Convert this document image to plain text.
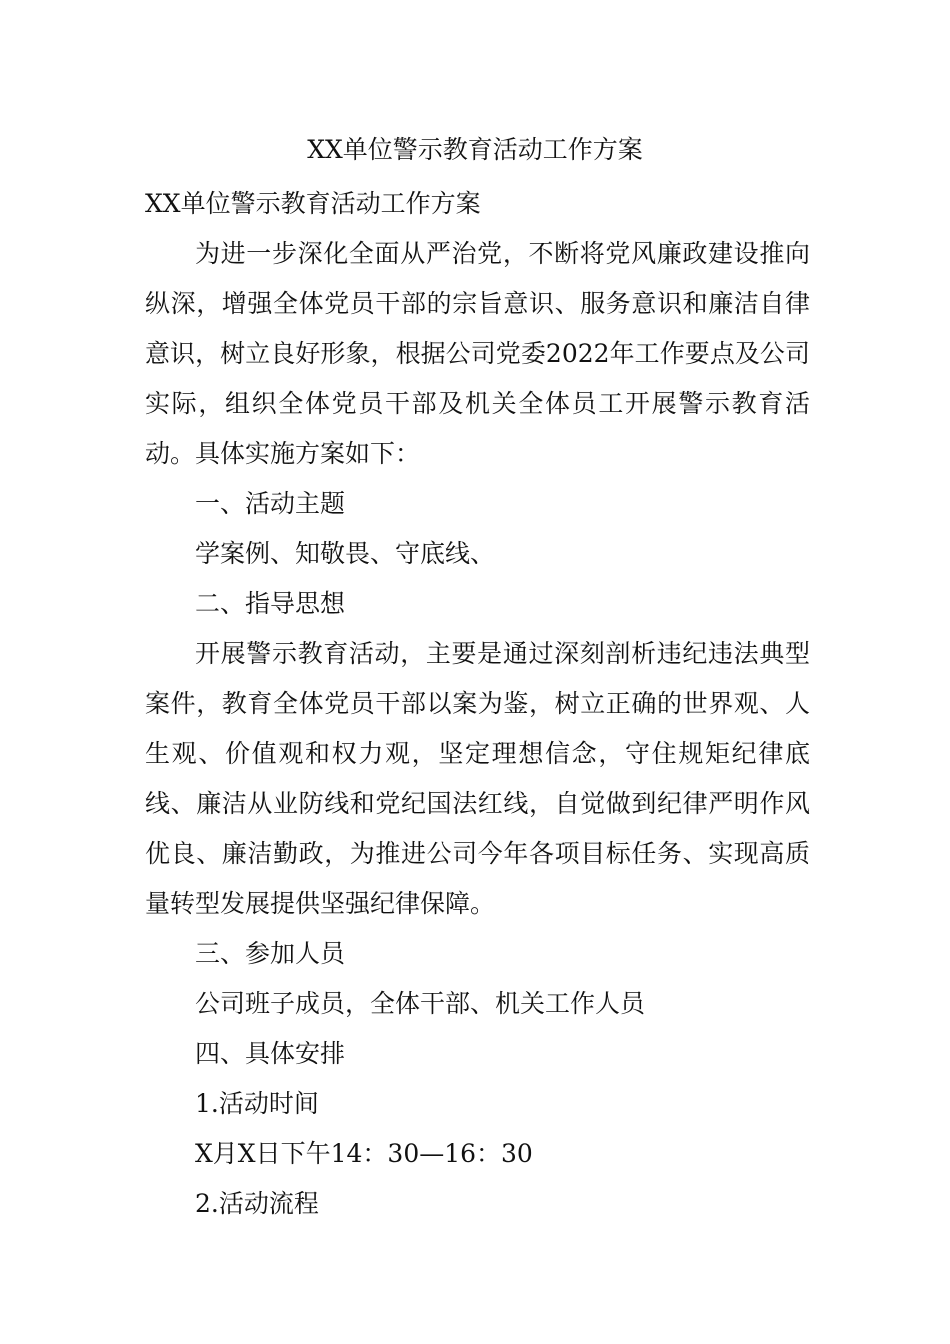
XX单位警示教育活动工作方案

XX单位警示教育活动工作方案

为进一步深化全面从严治党，不断将党风廉政建设推向纵深，增强全体党员干部的宗旨意识、服务意识和廉洁自律意识，树立良好形象，根据公司党委2022年工作要点及公司实际，组织全体党员干部及机关全体员工开展警示教育活动。具体实施方案如下：

一、活动主题

学案例、知敬畏、守底线、

二、指导思想

开展警示教育活动，主要是通过深刻剖析违纪违法典型案件，教育全体党员干部以案为鉴，树立正确的世界观、人生观、价值观和权力观，坚定理想信念，守住规矩纪律底线、廉洁从业防线和党纪国法红线，自觉做到纪律严明作风优良、廉洁勤政，为推进公司今年各项目标任务、实现高质量转型发展提供坚强纪律保障。

三、参加人员

公司班子成员，全体干部、机关工作人员

四、具体安排

1.活动时间

X月X日下午14：30—16：30

2.活动流程
